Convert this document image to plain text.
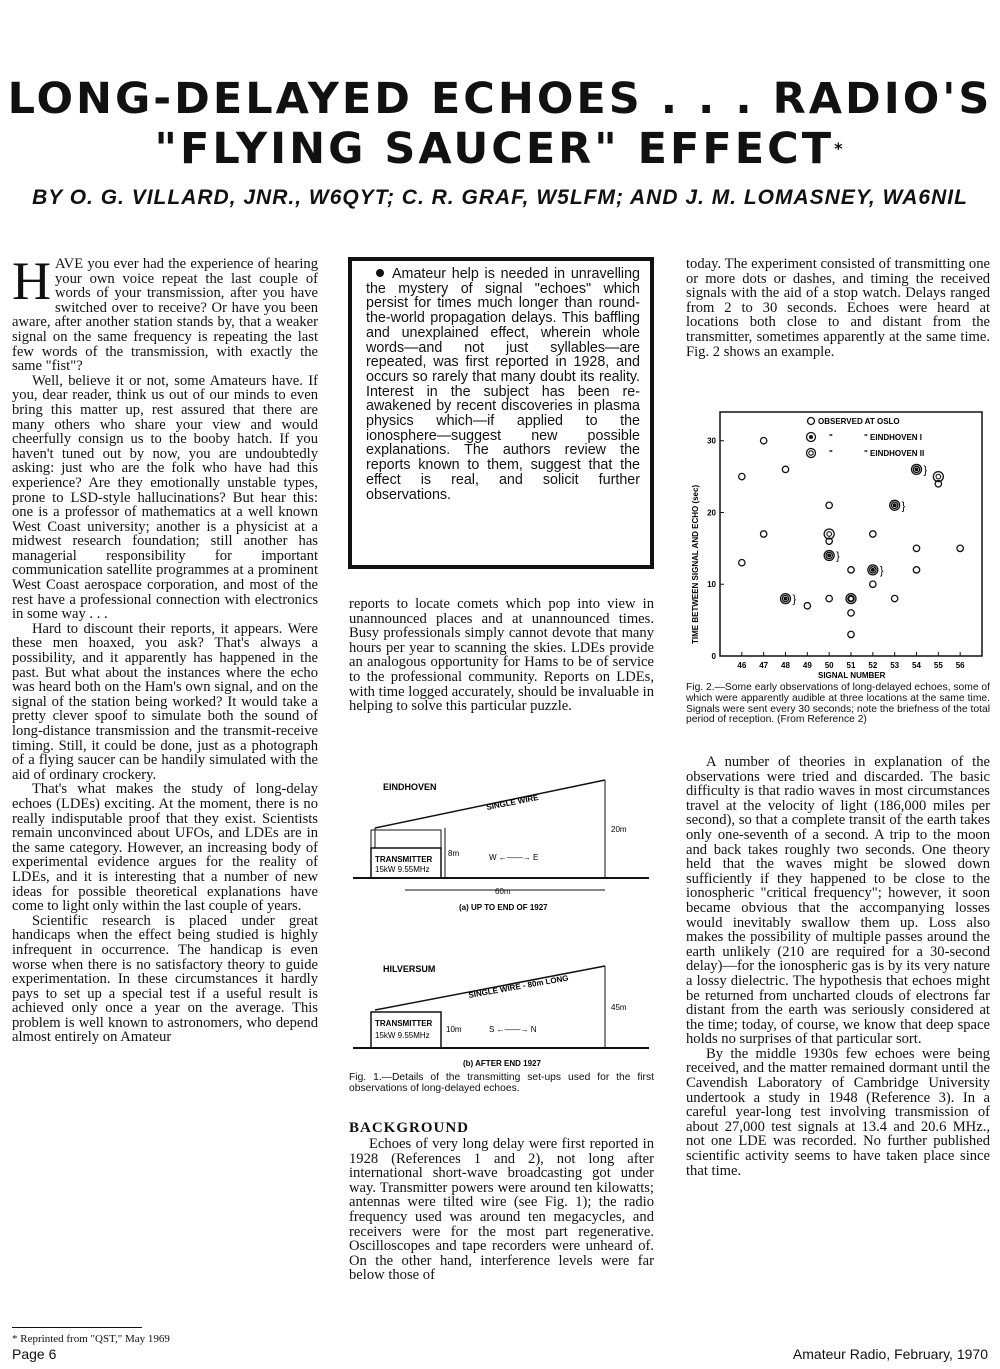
LONG-DELAYED ECHOES . . . RADIO'S
"FLYING SAUCER" EFFECT*
BY O. G. VILLARD, JNR., W6QYT; C. R. GRAF, W5LFM; AND J. M. LOMASNEY, WA6NIL

HAVE you ever had the experience of hearing your own voice repeat the last couple of words of your transmission, after you have switched over to receive? Or have you been aware, after another station stands by, that a weaker signal on the same frequency is repeating the last few words of the transmission, with exactly the same "fist"?

Well, believe it or not, some Amateurs have. If you, dear reader, think us out of our minds to even bring this matter up, rest assured that there are many others who share your view and would cheerfully consign us to the booby hatch. If you haven't tuned out by now, you are undoubtedly asking: just who are the folk who have had this experience? Are they emotionally unstable types, prone to LSD-style hallucinations? But hear this: one is a professor of mathematics at a well known West Coast university; another is a physicist at a midwest research foundation; still another has managerial responsibility for important communication satellite programmes at a prominent West Coast aerospace corporation, and most of the rest have a professional connection with electronics in some way . . .

Hard to discount their reports, it appears. Were these men hoaxed, you ask? That's always a possibility, and it apparently has happened in the past. But what about the instances where the echo was heard both on the Ham's own signal, and on the signal of the station being worked? It would take a pretty clever spoof to simulate both the sound of long-distance transmission and the transmit-receive timing. Still, it could be done, just as a photograph of a flying saucer can be handily simulated with the aid of ordinary crockery.

That's what makes the study of long-delay echoes (LDEs) exciting. At the moment, there is no really indisputable proof that they exist. Scientists remain unconvinced about UFOs, and LDEs are in the same category. However, an increasing body of experimental evidence argues for the reality of LDEs, and it is interesting that a number of new ideas for possible theoretical explanations have come to light only within the last couple of years.

Scientific research is placed under great handicaps when the effect being studied is highly infrequent in occurrence. The handicap is even worse when there is no satisfactory theory to guide experimentation. In these circumstances it hardly pays to set up a special test if a useful result is achieved only once a year on the average. This problem is well known to astronomers, who depend almost entirely on Amateur

* Reprinted from "QST," May 1969
Amateur help is needed in unravelling the mystery of signal "echoes" which persist for times much longer than round-the-world propagation delays. This baffling and unexplained effect, wherein whole words—and not just syllables—are repeated, was first reported in 1928, and occurs so rarely that many doubt its reality. Interest in the subject has been re-awakened by recent discoveries in plasma physics which—if applied to the ionosphere—suggest new possible explanations. The authors review the reports known to them, suggest that the effect is real, and solicit further observations.

reports to locate comets which pop into view in unannounced places and at unannounced times. Busy professionals simply cannot devote that many hours per year to scanning the skies. LDEs provide an analogous opportunity for Hams to be of service to the professional community. Reports on LDEs, with time logged accurately, should be invaluable in helping to solve this particular puzzle.

EINDHOVEN
SINGLE WIRE
TRANSMITTER
15kW 9.55MHz
8m
20m
W ←——→ E
60m
(a) UP TO END OF 1927
HILVERSUM
SINGLE WIRE - 80m LONG
TRANSMITTER
15kW 9.55MHz
10m
45m
S ←——→ N
(b) AFTER END 1927
Fig. 1.—Details of the transmitting set-ups used for the first observations of long-delayed echoes.
BACKGROUND

Echoes of very long delay were first reported in 1928 (References 1 and 2), not long after international short-wave broadcasting got under way. Transmitter powers were around ten kilowatts; antennas were tilted wire (see Fig. 1); the radio frequency used was around ten megacycles, and receivers were for the most part regenerative. Oscilloscopes and tape recorders were unheard of. On the other hand, interference levels were far below those of

today. The experiment consisted of transmitting one or more dots or dashes, and timing the received signals with the aid of a stop watch. Delays ranged from 2 to 30 seconds. Echoes were heard at locations both close to and distant from the transmitter, sometimes apparently at the same time. Fig. 2 shows an example.

TIME BETWEEN SIGNAL AND ECHO (sec)
SIGNAL NUMBER
OBSERVED AT OSLO
"	" EINDHOVEN I
"	" EINDHOVEN II
46 47 48 49 50 51 52 53 54 55 56
0
10
20
30
}
}
}
}
}
Fig. 2.—Some early observations of long-delayed echoes, some of which were apparently audible at three locations at the same time. Signals were sent every 30 seconds; note the briefness of the total period of reception. (From Reference 2)

A number of theories in explanation of the observations were tried and discarded. The basic difficulty is that radio waves in most circumstances travel at the velocity of light (186,000 miles per second), so that a complete transit of the earth takes only one-seventh of a second. A trip to the moon and back takes roughly two seconds. One theory held that the waves might be slowed down sufficiently if they happened to be close to the ionospheric "critical frequency"; however, it soon became obvious that the accompanying losses would inevitably swallow them up. Loss also makes the possibility of multiple passes around the earth unlikely (210 are required for a 30-second delay)—for the ionospheric gas is by its very nature a lossy dielectric. The hypothesis that echoes might be returned from uncharted clouds of electrons far distant from the earth was seriously considered at the time; today, of course, we know that deep space holds no surprises of that particular sort.

By the middle 1930s few echoes were being received, and the matter remained dormant until the Cavendish Laboratory of Cambridge University undertook a study in 1948 (Reference 3). In a careful year-long test involving transmission of about 27,000 test signals at 13.4 and 20.6 MHz., not one LDE was recorded. No further published scientific activity seems to have taken place since that time.

Page 6	Amateur Radio, February, 1970
